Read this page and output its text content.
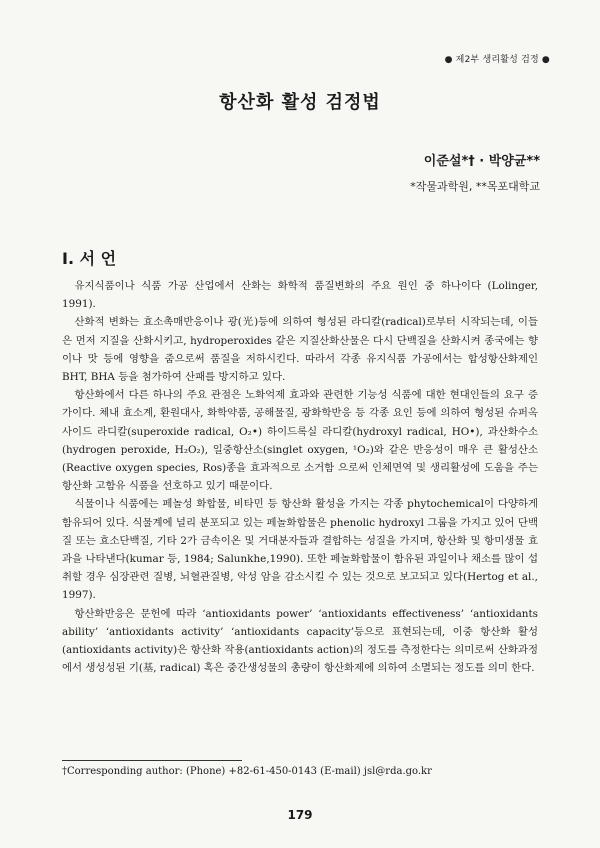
● 제2부 생리활성 검정 ●
항산화 활성 검정법
이준설*† · 박양균**
*작물과학원, **목포대학교
I. 서 언

유지식품이나 식품 가공 산업에서 산화는 화학적 품질변화의 주요 원인 중 하나이다 (Lolinger, 1991).

산화적 변화는 효소촉매반응이나 광(光)등에 의하여 형성된 라디칼(radical)로부터 시작되는데, 이들은 먼저 지질을 산화시키고, hydroperoxides 같은 지질산화산물은 다시 단백질을 산화시켜 종국에는 향이나 맛 등에 영향을 줌으로써 품질을 저하시킨다. 따라서 각종 유지식품 가공에서는 합성항산화제인 BHT, BHA 등을 첨가하여 산패를 방지하고 있다.

항산화에서 다른 하나의 주요 관점은 노화억제 효과와 관련한 기능성 식품에 대한 현대인들의 요구 증가이다. 체내 효소계, 환원대사, 화학약품, 공해물질, 광화학반응 등 각종 요인 등에 의하여 형성된 슈퍼옥사이드 라디칼(superoxide radical, O₂•) 하이드록실 라디칼(hydroxyl radical, HO•), 과산화수소(hydrogen peroxide, H₂O₂), 일중항산소(singlet oxygen, ¹O₂)와 같은 반응성이 매우 큰 활성산소(Reactive oxygen species, Ros)종을 효과적으로 소거함 으로써 인체면역 및 생리활성에 도움을 주는 항산화 고함유 식품을 선호하고 있기 때문이다.

식물이나 식품에는 페놀성 화합물, 비타민 등 항산화 활성을 가지는 각종 phytochemical이 다양하게 함유되어 있다. 식물계에 널리 분포되고 있는 페놀화합물은 phenolic hydroxyl 그룹을 가지고 있어 단백질 또는 효소단백질, 기타 2가 금속이온 및 거대분자들과 결합하는 성질을 가지며, 항산화 및 항미생물 효과을 나타낸다(kumar 등, 1984; Salunkhe,1990). 또한 페놀화합물이 함유된 과일이나 채소를 많이 섭취할 경우 심장관련 질병, 뇌혈관질병, 악성 암을 감소시킬 수 있는 것으로 보고되고 있다(Hertog et al., 1997).

항산화반응은 문헌에 따라 ‘antioxidants power’ ‘antioxidants effectiveness’ ‘antioxidants ability’ ‘antioxidants activity’ ‘antioxidants capacity’등으로 표현되는데, 이중 항산화 활성(antioxidants activity)은 항산화 작용(antioxidants action)의 정도를 측정한다는 의미로써 산화과정에서 생성성된 기(基, radical) 혹은 중간생성물의 총량이 항산화제에 의하여 소멸되는 정도를 의미 한다.

†Corresponding author: (Phone) +82-61-450-0143 (E-mail) jsl@rda.go.kr
179
